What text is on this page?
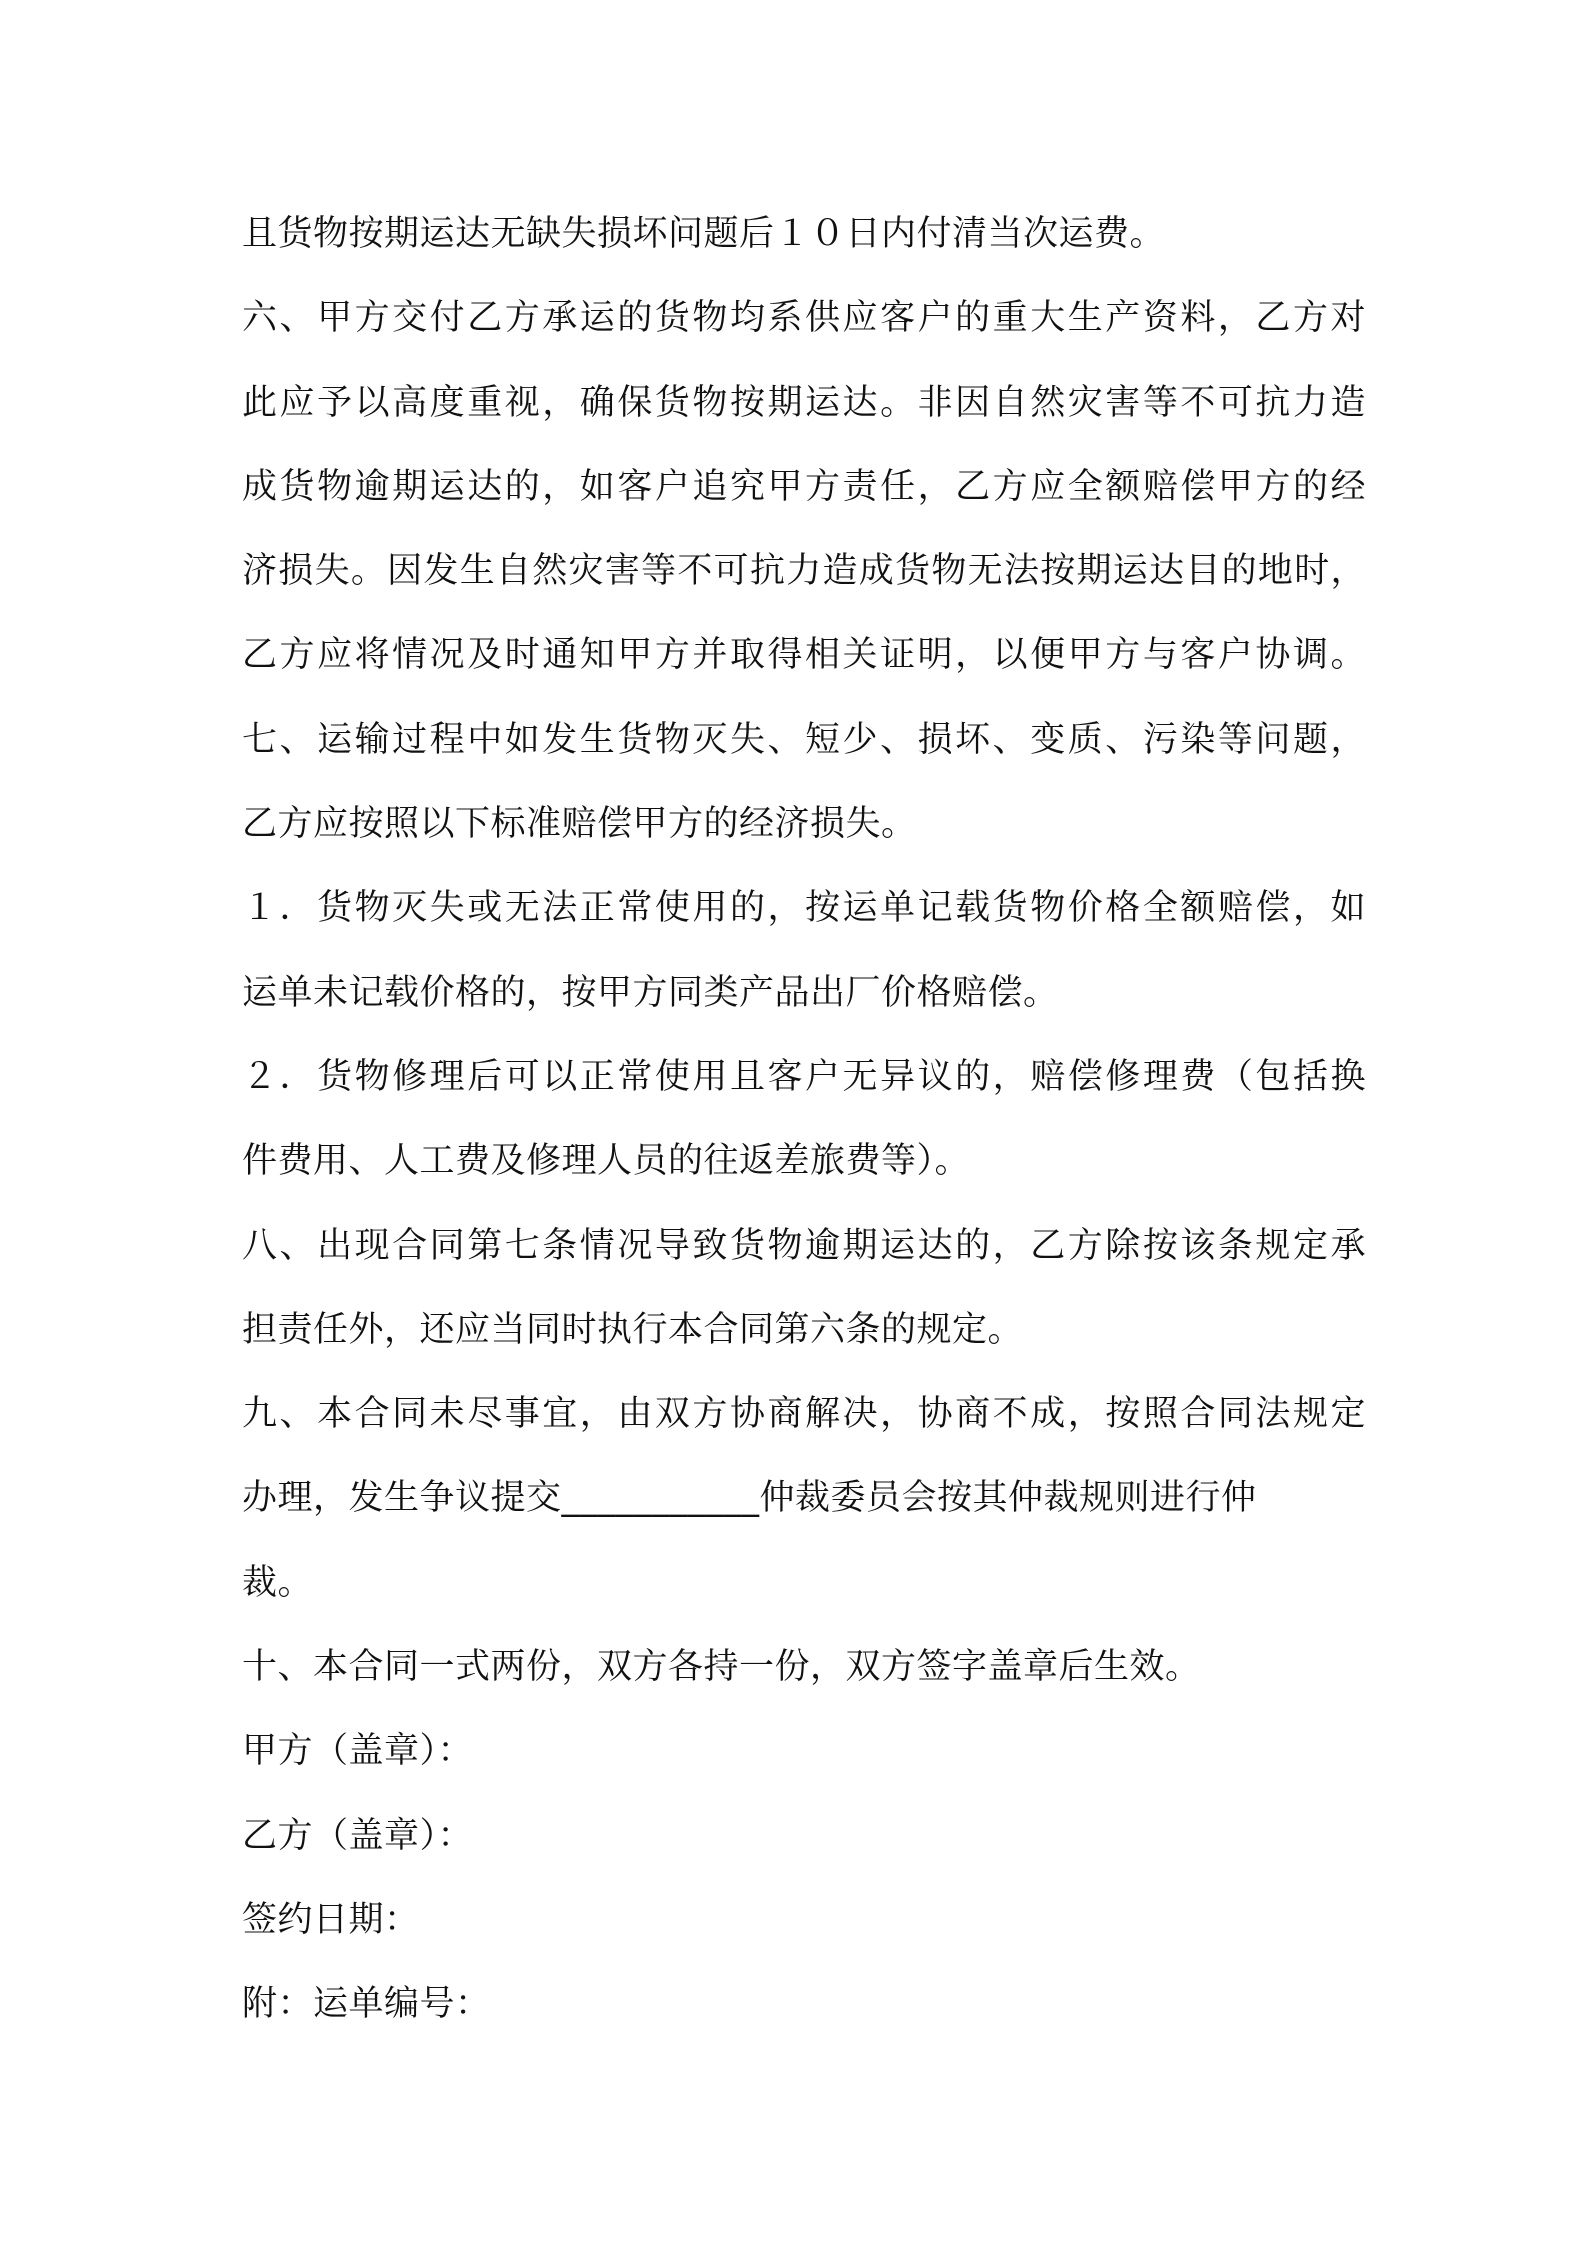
且货物按期运达无缺失损坏问题后１０日内付清当次运费。
六、甲方交付乙方承运的货物均系供应客户的重大生产资料，乙方对
此应予以高度重视，确保货物按期运达。非因自然灾害等不可抗力造
成货物逾期运达的，如客户追究甲方责任，乙方应全额赔偿甲方的经
济损失。因发生自然灾害等不可抗力造成货物无法按期运达目的地时，
乙方应将情况及时通知甲方并取得相关证明，以便甲方与客户协调。
七、运输过程中如发生货物灭失、短少、损坏、变质、污染等问题，
乙方应按照以下标准赔偿甲方的经济损失。
１．货物灭失或无法正常使用的，按运单记载货物价格全额赔偿，如
运单未记载价格的，按甲方同类产品出厂价格赔偿。
２．货物修理后可以正常使用且客户无异议的，赔偿修理费（包括换
件费用、人工费及修理人员的往返差旅费等）。
八、出现合同第七条情况导致货物逾期运达的，乙方除按该条规定承
担责任外，还应当同时执行本合同第六条的规定。
九、本合同未尽事宜，由双方协商解决，协商不成，按照合同法规定
办理，发生争议提交___________仲裁委员会按其仲裁规则进行仲
裁。
十、本合同一式两份，双方各持一份，双方签字盖章后生效。
甲方（盖章）：
乙方（盖章）：
签约日期：
附：运单编号：
